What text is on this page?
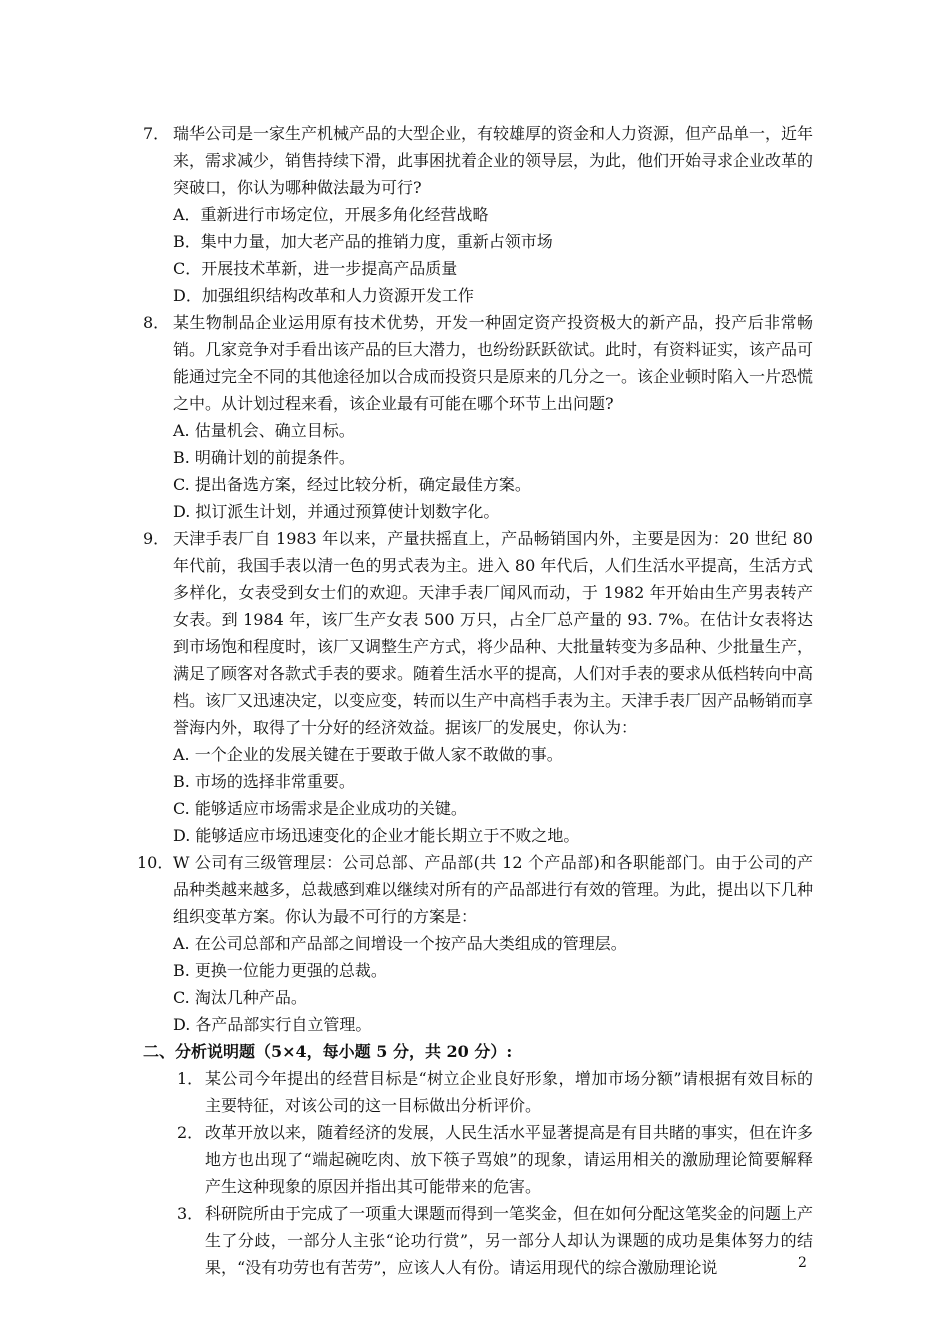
7． 瑞华公司是一家生产机械产品的大型企业，有较雄厚的资金和人力资源，但产品单一，近年来，需求减少，销售持续下滑，此事困扰着企业的领导层，为此，他们开始寻求企业改革的突破口，你认为哪种做法最为可行?

A．重新进行市场定位，开展多角化经营战略
B．集中力量，加大老产品的推销力度，重新占领市场
C．开展技术革新，进一步提高产品质量
D．加强组织结构改革和人力资源开发工作
8． 某生物制品企业运用原有技术优势，开发一种固定资产投资极大的新产品，投产后非常畅销。几家竞争对手看出该产品的巨大潜力，也纷纷跃跃欲试。此时，有资料证实，该产品可能通过完全不同的其他途径加以合成而投资只是原来的几分之一。该企业顿时陷入一片恐慌之中。从计划过程来看，该企业最有可能在哪个环节上出问题?

A. 估量机会、确立目标。
B. 明确计划的前提条件。
C. 提出备选方案，经过比较分析，确定最佳方案。
D. 拟订派生计划，并通过预算使计划数字化。
9． 天津手表厂自 1983 年以来，产量扶摇直上，产品畅销国内外，主要是因为：20 世纪 80 年代前，我国手表以清一色的男式表为主。进入 80 年代后，人们生活水平提高，生活方式多样化，女表受到女士们的欢迎。天津手表厂闻风而动，于 1982 年开始由生产男表转产女表。到 1984 年，该厂生产女表 500 万只，占全厂总产量的 93. 7%。在估计女表将达到市场饱和程度时，该厂又调整生产方式，将少品种、大批量转变为多品种、少批量生产，满足了顾客对各款式手表的要求。随着生活水平的提高，人们对手表的要求从低档转向中高档。该厂又迅速决定，以变应变，转而以生产中高档手表为主。天津手表厂因产品畅销而享誉海内外，取得了十分好的经济效益。据该厂的发展史，你认为：

A. 一个企业的发展关键在于要敢于做人家不敢做的事。
B. 市场的选择非常重要。
C. 能够适应市场需求是企业成功的关键。
D. 能够适应市场迅速变化的企业才能长期立于不败之地。
10． W 公司有三级管理层：公司总部、产品部(共 12 个产品部)和各职能部门。由于公司的产品种类越来越多，总裁感到难以继续对所有的产品部进行有效的管理。为此，提出以下几种组织变革方案。你认为最不可行的方案是：

A. 在公司总部和产品部之间增设一个按产品大类组成的管理层。
B. 更换一位能力更强的总裁。
C. 淘汰几种产品。
D. 各产品部实行自立管理。

二、分析说明题（5×4，每小题 5 分，共 20 分）:

1． 某公司今年提出的经营目标是“树立企业良好形象，增加市场分额”请根据有效目标的主要特征，对该公司的这一目标做出分析评价。

2． 改革开放以来，随着经济的发展，人民生活水平显著提高是有目共睹的事实，但在许多地方也出现了“端起碗吃肉、放下筷子骂娘”的现象，请运用相关的激励理论简要解释产生这种现象的原因并指出其可能带来的危害。

3． 科研院所由于完成了一项重大课题而得到一笔奖金，但在如何分配这笔奖金的问题上产生了分歧，一部分人主张“论功行赏”，另一部分人却认为课题的成功是集体努力的结果，“没有功劳也有苦劳”，应该人人有份。请运用现代的综合激励理论说	2
